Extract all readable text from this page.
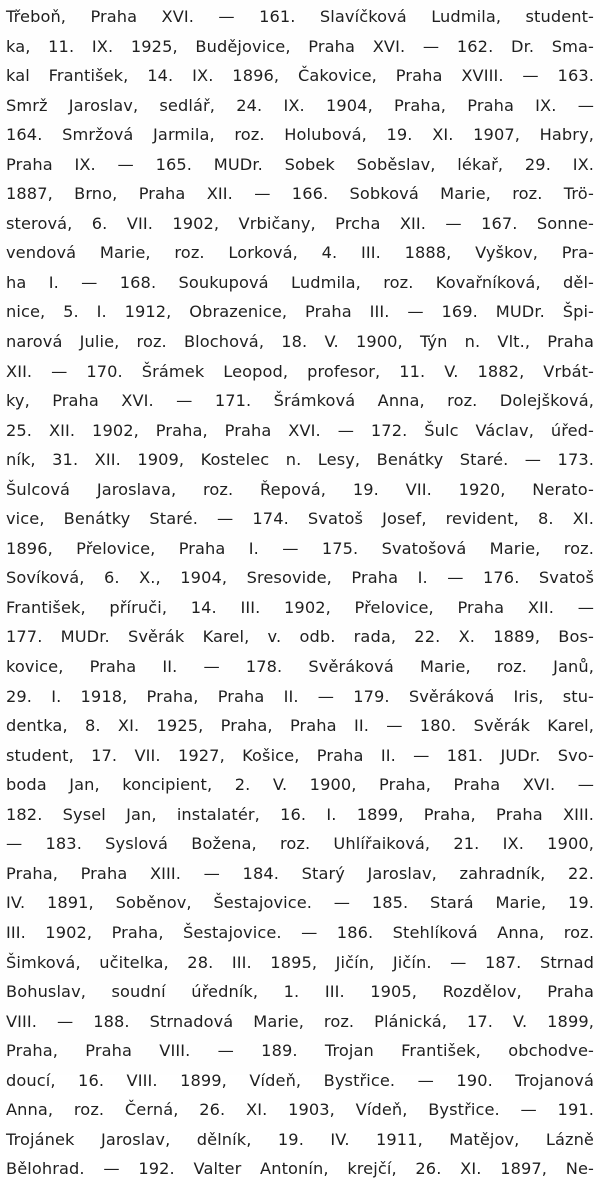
Třeboň, Praha XVI. — 161. Slavíčková Ludmila, student-
ka, 11. IX. 1925, Budějovice, Praha XVI. — 162. Dr. Sma-
kal František, 14. IX. 1896, Čakovice, Praha XVIII. — 163.
Smrž Jaroslav, sedlář, 24. IX. 1904, Praha, Praha IX. —
164. Smržová Jarmila, roz. Holubová, 19. XI. 1907, Habry,
Praha IX. — 165. MUDr. Sobek Soběslav, lékař, 29. IX.
1887, Brno, Praha XII. — 166. Sobková Marie, roz. Trö-
sterová, 6. VII. 1902, Vrbičany, Prcha XII. — 167. Sonne-
vendová Marie, roz. Lorková, 4. III. 1888, Vyškov, Pra-
ha I. — 168. Soukupová Ludmila, roz. Kovařníková, děl-
nice, 5. I. 1912, Obrazenice, Praha III. — 169. MUDr. Špi-
narová Julie, roz. Blochová, 18. V. 1900, Týn n. Vlt., Praha
XII. — 170. Šrámek Leopod, profesor, 11. V. 1882, Vrbát-
ky, Praha XVI. — 171. Šrámková Anna, roz. Dolejšková,
25. XII. 1902, Praha, Praha XVI. — 172. Šulc Václav, úřed-
ník, 31. XII. 1909, Kostelec n. Lesy, Benátky Staré. — 173.
Šulcová Jaroslava, roz. Řepová, 19. VII. 1920, Nerato-
vice, Benátky Staré. — 174. Svatoš Josef, revident, 8. XI.
1896, Přelovice, Praha I. — 175. Svatošová Marie, roz.
Sovíková, 6. X., 1904, Sresovide, Praha I. — 176. Svatoš
František, příruči, 14. III. 1902, Přelovice, Praha XII. —
177. MUDr. Svěrák Karel, v. odb. rada, 22. X. 1889, Bos-
kovice, Praha II. — 178. Svěráková Marie, roz. Janů,
29. I. 1918, Praha, Praha II. — 179. Svěráková Iris, stu-
dentka, 8. XI. 1925, Praha, Praha II. — 180. Svěrák Karel,
student, 17. VII. 1927, Košice, Praha II. — 181. JUDr. Svo-
boda Jan, koncipient, 2. V. 1900, Praha, Praha XVI. —
182. Sysel Jan, instalatér, 16. I. 1899, Praha, Praha XIII.
— 183. Syslová Božena, roz. Uhlířaiková, 21. IX. 1900,
Praha, Praha XIII. — 184. Starý Jaroslav, zahradník, 22.
IV. 1891, Soběnov, Šestajovice. — 185. Stará Marie, 19.
III. 1902, Praha, Šestajovice. — 186. Stehlíková Anna, roz.
Šimková, učitelka, 28. III. 1895, Jičín, Jičín. — 187. Strnad
Bohuslav, soudní úředník, 1. III. 1905, Rozdělov, Praha
VIII. — 188. Strnadová Marie, roz. Plánická, 17. V. 1899,
Praha, Praha VIII. — 189. Trojan František, obchodve-
doucí, 16. VIII. 1899, Vídeň, Bystřice. — 190. Trojanová
Anna, roz. Černá, 26. XI. 1903, Vídeň, Bystřice. — 191.
Trojánek Jaroslav, dělník, 19. IV. 1911, Matějov, Lázně
Bělohrad. — 192. Valter Antonín, krejčí, 26. XI. 1897, Ne-
